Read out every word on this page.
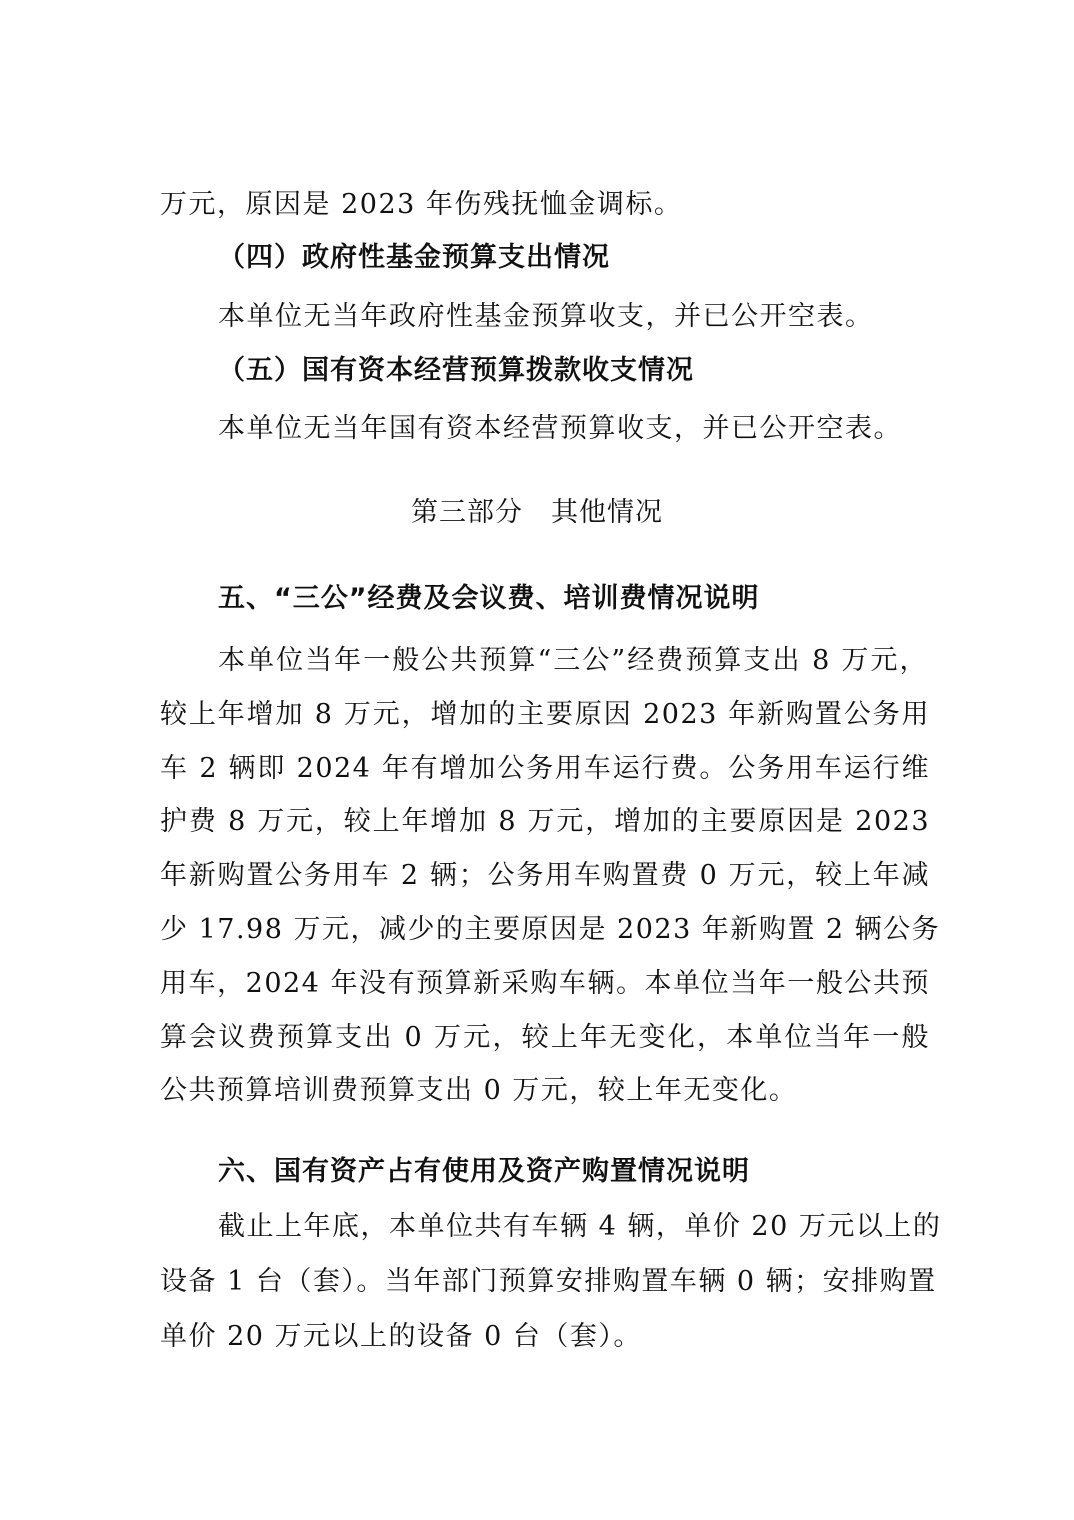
万元，原因是 2023 年伤残抚恤金调标。
（四）政府性基金预算支出情况
本单位无当年政府性基金预算收支，并已公开空表。
（五）国有资本经营预算拨款收支情况
本单位无当年国有资本经营预算收支，并已公开空表。
第三部分　其他情况
五、“三公”经费及会议费、培训费情况说明
本单位当年一般公共预算“三公”经费预算支出 8 万元，
较上年增加 8 万元，增加的主要原因 2023 年新购置公务用
车 2 辆即 2024 年有增加公务用车运行费。公务用车运行维
护费 8 万元，较上年增加 8 万元，增加的主要原因是 2023
年新购置公务用车 2 辆；公务用车购置费 0 万元，较上年减
少 17.98 万元，减少的主要原因是 2023 年新购置 2 辆公务
用车，2024 年没有预算新采购车辆。本单位当年一般公共预
算会议费预算支出 0 万元，较上年无变化，本单位当年一般
公共预算培训费预算支出 0 万元，较上年无变化。
六、国有资产占有使用及资产购置情况说明
截止上年底，本单位共有车辆 4 辆，单价 20 万元以上的
设备 1 台（套）。当年部门预算安排购置车辆 0 辆；安排购置
单价 20 万元以上的设备 0 台（套）。
